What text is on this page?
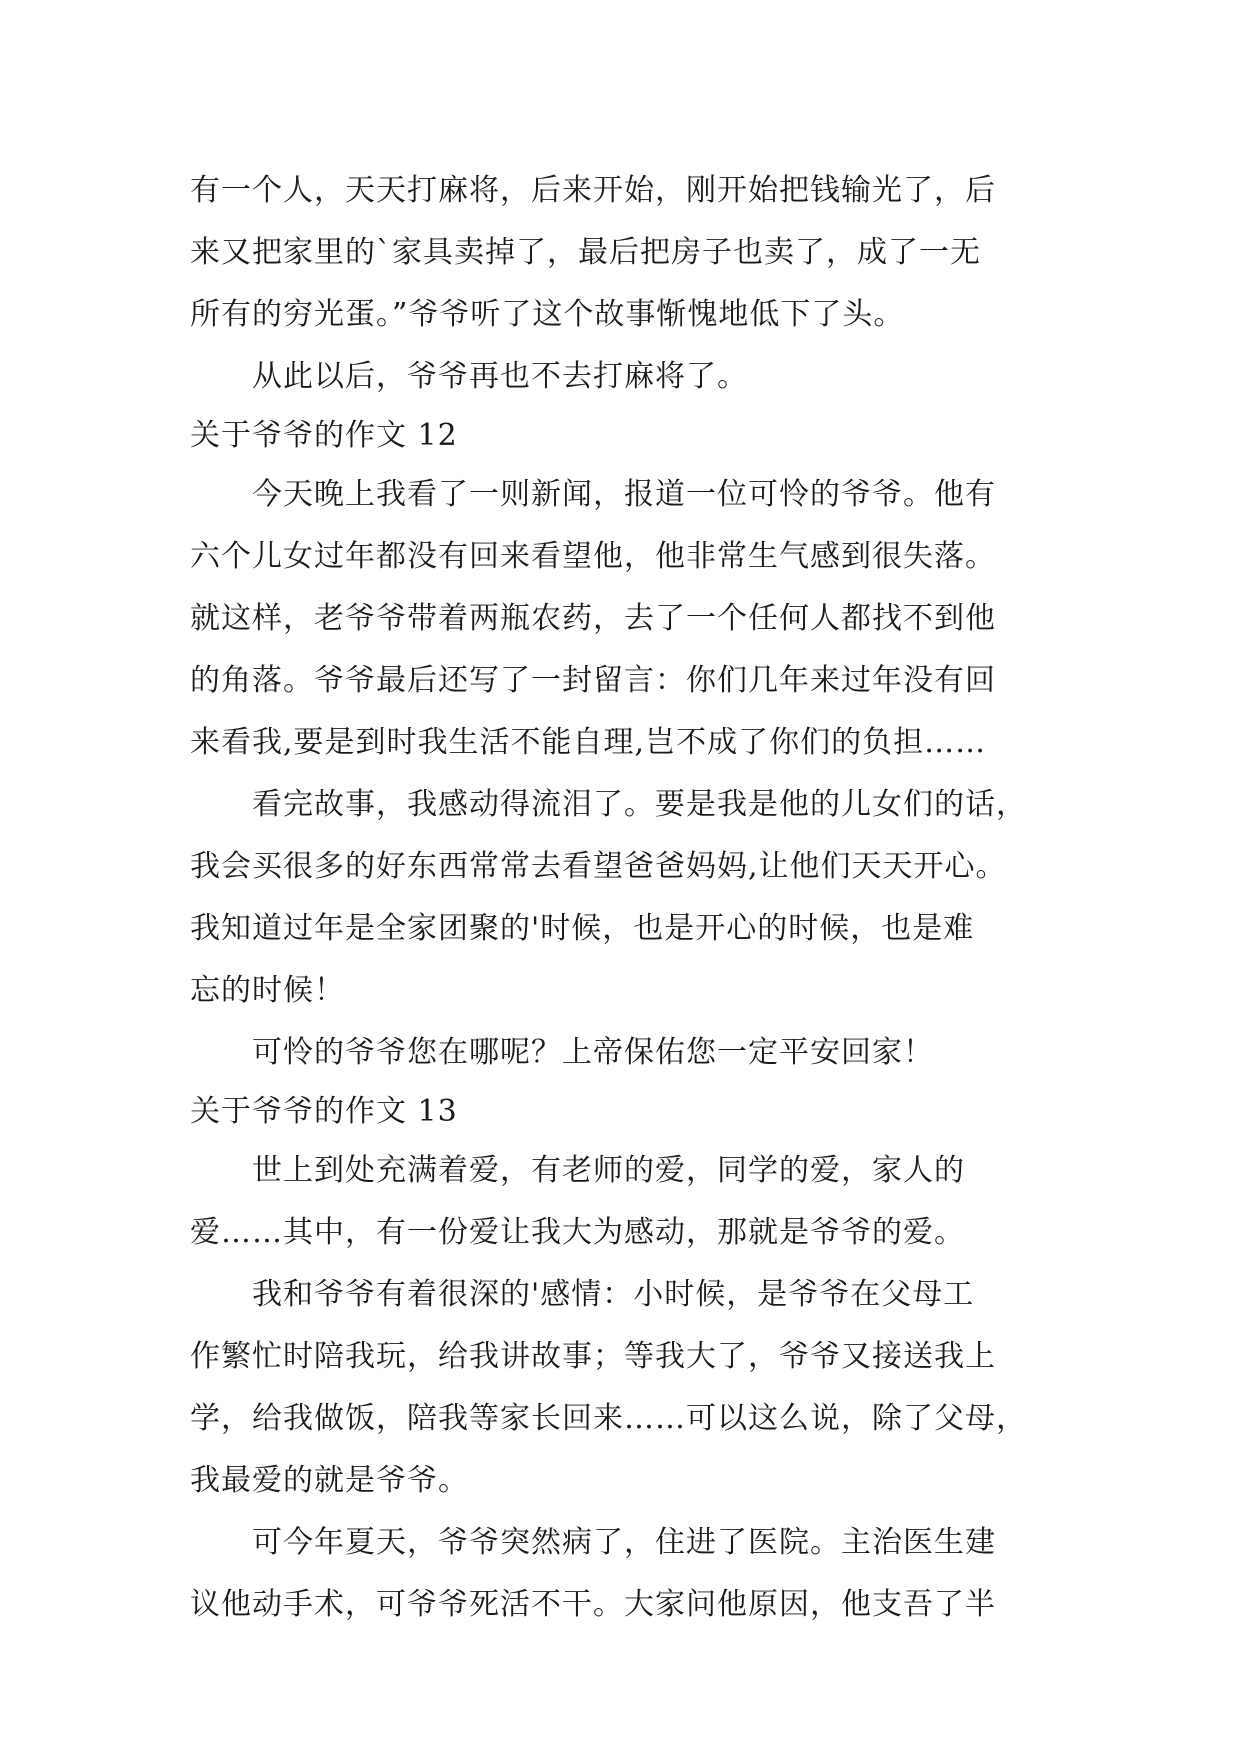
有一个人，天天打麻将，后来开始，刚开始把钱输光了，后
来又把家里的`家具卖掉了，最后把房子也卖了，成了一无
所有的穷光蛋。”爷爷听了这个故事惭愧地低下了头。
从此以后，爷爷再也不去打麻将了。
关于爷爷的作文 12
今天晚上我看了一则新闻，报道一位可怜的爷爷。他有
六个儿女过年都没有回来看望他，他非常生气感到很失落。
就这样，老爷爷带着两瓶农药，去了一个任何人都找不到他
的角落。爷爷最后还写了一封留言：你们几年来过年没有回
来看我,要是到时我生活不能自理,岂不成了你们的负担……
看完故事，我感动得流泪了。要是我是他的儿女们的话，
我会买很多的好东西常常去看望爸爸妈妈,让他们天天开心。
我知道过年是全家团聚的'时候，也是开心的时候，也是难
忘的时候！
可怜的爷爷您在哪呢？上帝保佑您一定平安回家！
关于爷爷的作文 13
世上到处充满着爱，有老师的爱，同学的爱，家人的
爱……其中，有一份爱让我大为感动，那就是爷爷的爱。
我和爷爷有着很深的'感情：小时候，是爷爷在父母工
作繁忙时陪我玩，给我讲故事；等我大了，爷爷又接送我上
学，给我做饭，陪我等家长回来……可以这么说，除了父母，
我最爱的就是爷爷。
可今年夏天，爷爷突然病了，住进了医院。主治医生建
议他动手术，可爷爷死活不干。大家问他原因，他支吾了半
